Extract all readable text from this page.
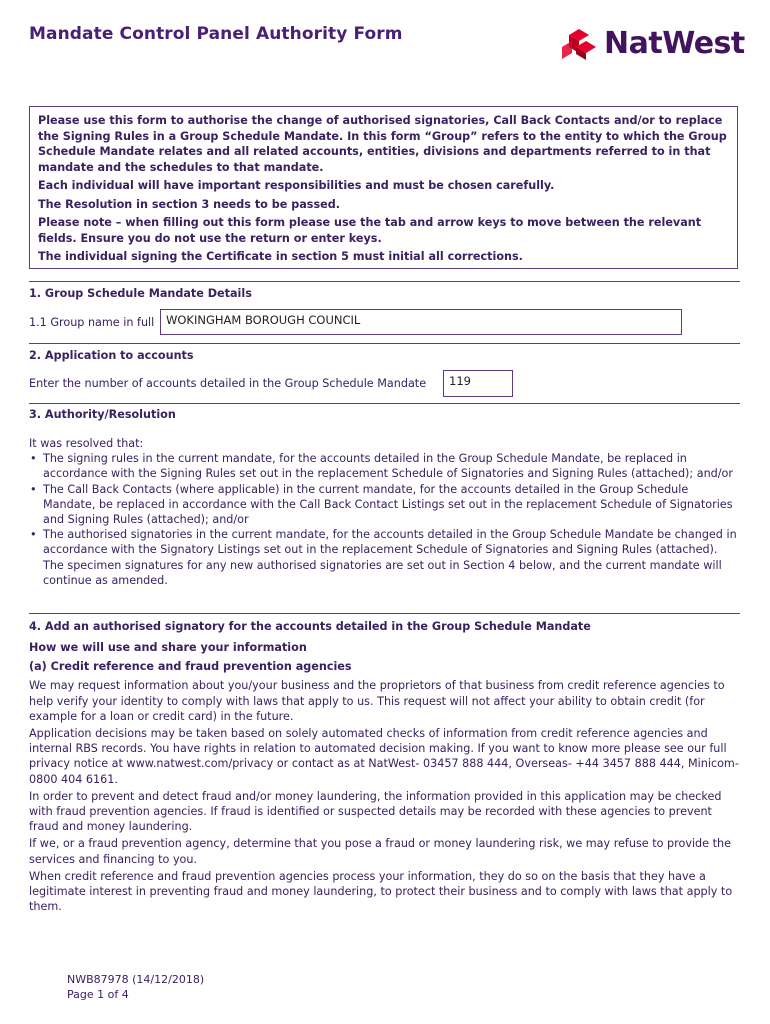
Mandate Control Panel Authority Form	NatWest

Please use this form to authorise the change of authorised signatories, Call Back Contacts and/or to replace the Signing Rules in a Group Schedule Mandate. In this form “Group” refers to the entity to which the Group Schedule Mandate relates and all related accounts, entities, divisions and departments referred to in that mandate and the schedules to that mandate.

Each individual will have important responsibilities and must be chosen carefully.

The Resolution in section 3 needs to be passed.

Please note – when filling out this form please use the tab and arrow keys to move between the relevant fields. Ensure you do not use the return or enter keys.

The individual signing the Certificate in section 5 must initial all corrections.

1. Group Schedule Mandate Details
1.1 Group name in full	WOKINGHAM BOROUGH COUNCIL
2. Application to accounts
Enter the number of accounts detailed in the Group Schedule Mandate	119
3. Authority/Resolution
It was resolved that:
• The signing rules in the current mandate, for the accounts detailed in the Group Schedule Mandate, be replaced in accordance with the Signing Rules set out in the replacement Schedule of Signatories and Signing Rules (attached); and/or
• The Call Back Contacts (where applicable) in the current mandate, for the accounts detailed in the Group Schedule Mandate, be replaced in accordance with the Call Back Contact Listings set out in the replacement Schedule of Signatories and Signing Rules (attached); and/or
• The authorised signatories in the current mandate, for the accounts detailed in the Group Schedule Mandate be changed in accordance with the Signatory Listings set out in the replacement Schedule of Signatories and Signing Rules (attached). The specimen signatures for any new authorised signatories are set out in Section 4 below, and the current mandate will continue as amended.
4. Add an authorised signatory for the accounts detailed in the Group Schedule Mandate
How we will use and share your information
(a) Credit reference and fraud prevention agencies
We may request information about you/your business and the proprietors of that business from credit reference agencies to help verify your identity to comply with laws that apply to us. This request will not affect your ability to obtain credit (for example for a loan or credit card) in the future.
Application decisions may be taken based on solely automated checks of information from credit reference agencies and internal RBS records. You have rights in relation to automated decision making. If you want to know more please see our full privacy notice at www.natwest.com/privacy or contact as at NatWest- 03457 888 444, Overseas- +44 3457 888 444, Minicom- 0800 404 6161.
In order to prevent and detect fraud and/or money laundering, the information provided in this application may be checked with fraud prevention agencies. If fraud is identified or suspected details may be recorded with these agencies to prevent fraud and money laundering.
If we, or a fraud prevention agency, determine that you pose a fraud or money laundering risk, we may refuse to provide the services and financing to you.
When credit reference and fraud prevention agencies process your information, they do so on the basis that they have a legitimate interest in preventing fraud and money laundering, to protect their business and to comply with laws that apply to them.
NWB87978 (14/12/2018)
Page 1 of 4
